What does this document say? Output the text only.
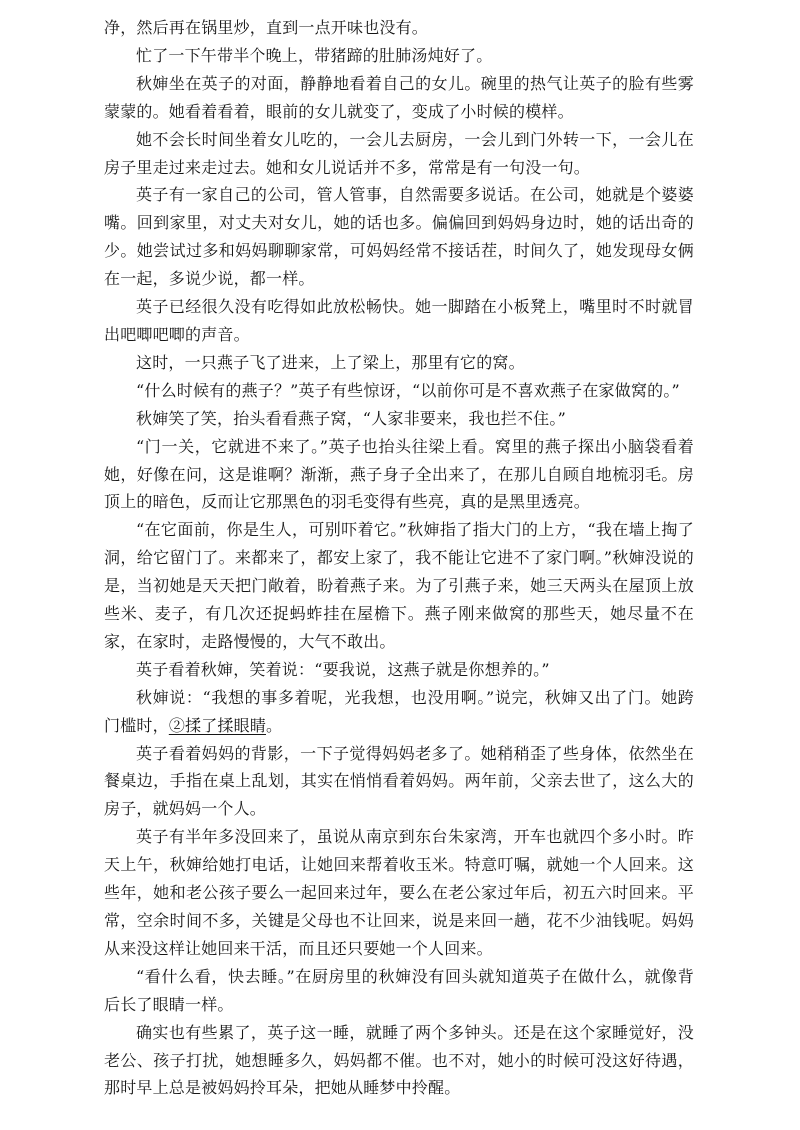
净，然后再在锅里炒，直到一点开味也没有。

忙了一下午带半个晚上，带猪蹄的肚肺汤炖好了。

秋婶坐在英子的对面，静静地看着自己的女儿。碗里的热气让英子的脸有些雾蒙蒙的。她看着看着，眼前的女儿就变了，变成了小时候的模样。

她不会长时间坐着女儿吃的，一会儿去厨房，一会儿到门外转一下，一会儿在房子里走过来走过去。她和女儿说话并不多，常常是有一句没一句。

英子有一家自己的公司，管人管事，自然需要多说话。在公司，她就是个婆婆嘴。回到家里，对丈夫对女儿，她的话也多。偏偏回到妈妈身边时，她的话出奇的少。她尝试过多和妈妈聊聊家常，可妈妈经常不接话茬，时间久了，她发现母女俩在一起，多说少说，都一样。

英子已经很久没有吃得如此放松畅快。她一脚踏在小板凳上，嘴里时不时就冒出吧唧吧唧的声音。

这时，一只燕子飞了进来，上了梁上，那里有它的窝。

“什么时候有的燕子？”英子有些惊讶，“以前你可是不喜欢燕子在家做窝的。”

秋婶笑了笑，抬头看看燕子窝，“人家非要来，我也拦不住。”

“门一关，它就进不来了。”英子也抬头往梁上看。窝里的燕子探出小脑袋看着她，好像在问，这是谁啊？渐渐，燕子身子全出来了，在那儿自顾自地梳羽毛。房顶上的暗色，反而让它那黑色的羽毛变得有些亮，真的是黑里透亮。

“在它面前，你是生人，可别吓着它。”秋婶指了指大门的上方，“我在墙上掏了洞，给它留门了。来都来了，都安上家了，我不能让它进不了家门啊。”秋婶没说的是，当初她是天天把门敞着，盼着燕子来。为了引燕子来，她三天两头在屋顶上放些米、麦子，有几次还捉蚂蚱挂在屋檐下。燕子刚来做窝的那些天，她尽量不在家，在家时，走路慢慢的，大气不敢出。

英子看着秋婶，笑着说：“要我说，这燕子就是你想养的。”

秋婶说：“我想的事多着呢，光我想，也没用啊。”说完，秋婶又出了门。她跨门槛时，②揉了揉眼睛。

英子看着妈妈的背影，一下子觉得妈妈老多了。她稍稍歪了些身体，依然坐在餐桌边，手指在桌上乱划，其实在悄悄看着妈妈。两年前，父亲去世了，这么大的房子，就妈妈一个人。

英子有半年多没回来了，虽说从南京到东台朱家湾，开车也就四个多小时。昨天上午，秋婶给她打电话，让她回来帮着收玉米。特意叮嘱，就她一个人回来。这些年，她和老公孩子要么一起回来过年，要么在老公家过年后，初五六时回来。平常，空余时间不多，关键是父母也不让回来，说是来回一趟，花不少油钱呢。妈妈从来没这样让她回来干活，而且还只要她一个人回来。

“看什么看，快去睡。”在厨房里的秋婶没有回头就知道英子在做什么，就像背后长了眼睛一样。

确实也有些累了，英子这一睡，就睡了两个多钟头。还是在这个家睡觉好，没老公、孩子打扰，她想睡多久，妈妈都不催。也不对，她小的时候可没这好待遇，那时早上总是被妈妈拎耳朵，把她从睡梦中拎醒。
